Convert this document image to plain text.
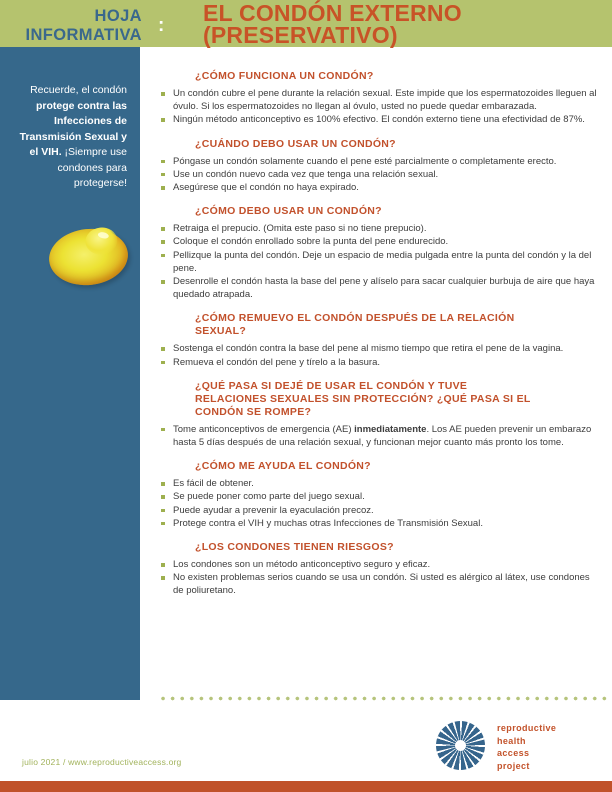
HOJA
INFORMATIVA : EL CONDÓN EXTERNO
(PRESERVATIVO)
Recuerde, el condón protege contra las Infecciones de Transmisión Sexual y el VIH. ¡Siempre use condones para protegerse!
¿CÓMO FUNCIONA UN CONDÓN?
Un condón cubre el pene durante la relación sexual. Este impide que los espermatozoides lleguen al óvulo. Si los espermatozoides no llegan al óvulo, usted no puede quedar embarazada.
Ningún método anticonceptivo es 100% efectivo. El condón externo tiene una efectividad de 87%.
¿CUÁNDO DEBO USAR UN CONDÓN?
Póngase un condón solamente cuando el pene esté parcialmente o completamente erecto.
Use un condón nuevo cada vez que tenga una relación sexual.
Asegúrese que el condón no haya expirado.
¿CÓMO DEBO USAR UN CONDÓN?
Retraiga el prepucio. (Omita este paso si no tiene prepucio).
Coloque el condón enrollado sobre la punta del pene endurecido.
Pellizque la punta del condón. Deje un espacio de media pulgada entre la punta del condón y la del pene.
Desenrolle el condón hasta la base del pene y alíselo para sacar cualquier burbuja de aire que haya quedado atrapada.
¿CÓMO REMUEVO EL CONDÓN DESPUÉS DE LA RELACIÓN SEXUAL?
Sostenga el condón contra la base del pene al mismo tiempo que retira el pene de la vagina.
Remueva el condón del pene y tírelo a la basura.
¿QUÉ PASA SI DEJÉ DE USAR EL CONDÓN Y TUVE RELACIONES SEXUALES SIN PROTECCIÓN? ¿QUÉ PASA SI EL CONDÓN SE ROMPE?
Tome anticonceptivos de emergencia (AE) inmediatamente. Los AE pueden prevenir un embarazo hasta 5 días después de una relación sexual, y funcionan mejor cuanto más pronto los tome.
¿CÓMO ME AYUDA EL CONDÓN?
Es fácil de obtener.
Se puede poner como parte del juego sexual.
Puede ayudar a prevenir la eyaculación precoz.
Protege contra el VIH y muchas otras Infecciones de Transmisión Sexual.
¿LOS CONDONES TIENEN RIESGOS?
Los condones son un método anticonceptivo seguro y eficaz.
No existen problemas serios cuando se usa un condón. Si usted es alérgico al látex, use condones de poliuretano.
julio 2021 / www.reproductiveaccess.org
reproductive
health
access
project
